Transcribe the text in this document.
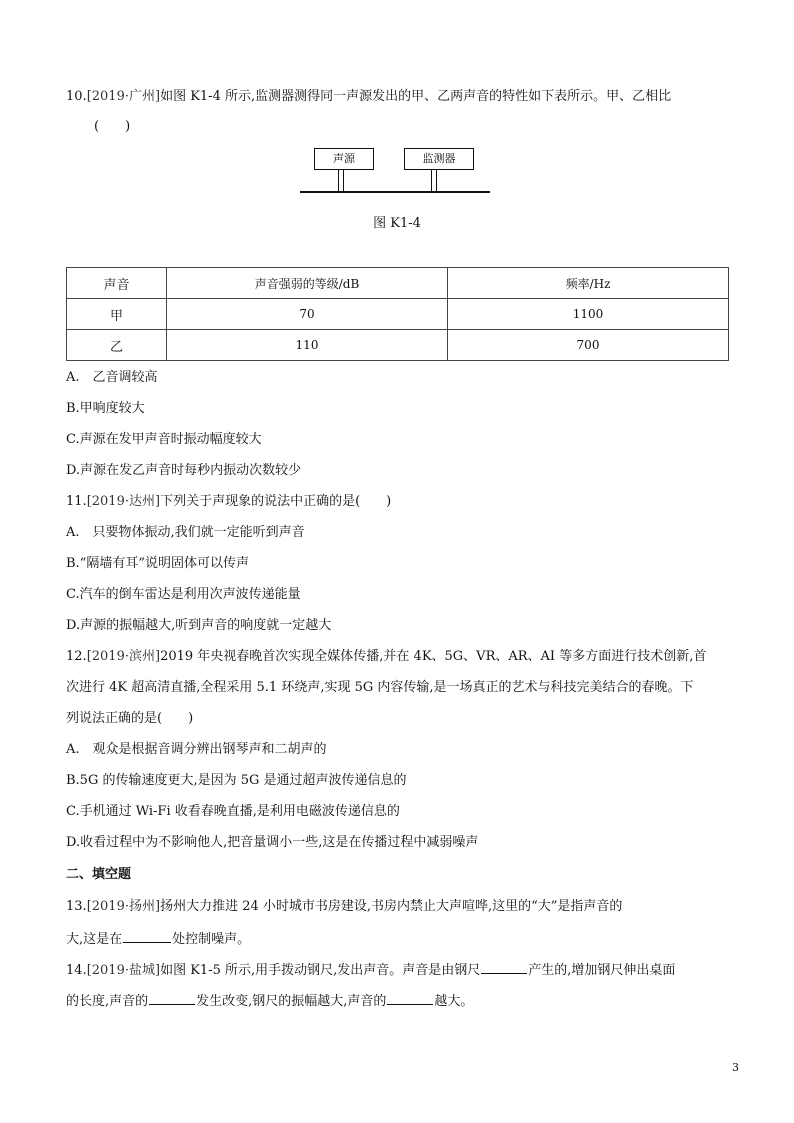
10.[2019·广州]如图 K1-4 所示,监测器测得同一声源发出的甲、乙两声音的特性如下表所示。甲、乙相比
(　　)
声源	监测器
图 K1-4
声音	声音强弱的等级/dB	频率/Hz
甲	70	1100
乙	110	700
A.　乙音调较高
B.甲响度较大
C.声源在发甲声音时振动幅度较大
D.声源在发乙声音时每秒内振动次数较少
11.[2019·达州]下列关于声现象的说法中正确的是(　　)
A.　只要物体振动,我们就一定能听到声音
B.“隔墙有耳”说明固体可以传声
C.汽车的倒车雷达是利用次声波传递能量
D.声源的振幅越大,听到声音的响度就一定越大
12.[2019·滨州]2019 年央视春晚首次实现全媒体传播,并在 4K、5G、VR、AR、AI 等多方面进行技术创新,首
次进行 4K 超高清直播,全程采用 5.1 环绕声,实现 5G 内容传输,是一场真正的艺术与科技完美结合的春晚。下
列说法正确的是(　　)
A.　观众是根据音调分辨出钢琴声和二胡声的
B.5G 的传输速度更大,是因为 5G 是通过超声波传递信息的
C.手机通过 Wi-Fi 收看春晚直播,是利用电磁波传递信息的
D.收看过程中为不影响他人,把音量调小一些,这是在传播过程中减弱噪声
二、填空题
13.[2019·扬州]扬州大力推进 24 小时城市书房建设,书房内禁止大声喧哗,这里的“大”是指声音的
大,这是在	处控制噪声。
14.[2019·盐城]如图 K1-5 所示,用手拨动钢尺,发出声音。声音是由钢尺	产生的,增加钢尺伸出桌面
的长度,声音的	发生改变,钢尺的振幅越大,声音的	越大。
3
